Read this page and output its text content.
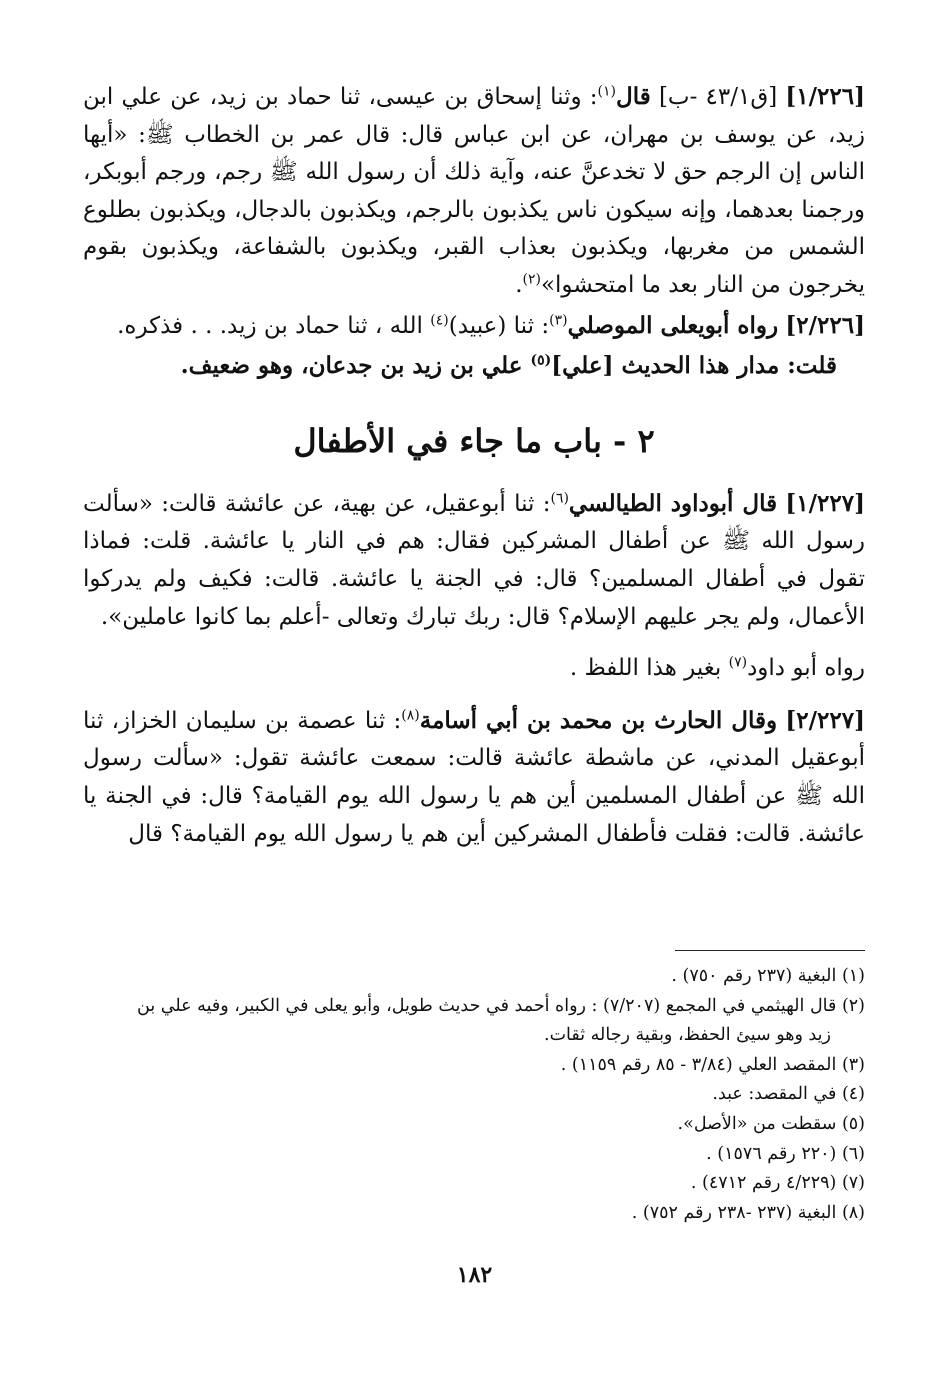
[١/٢٢٦] [ق٤٣/١ -ب] قال$^{(١)}$: وثنا إسحاق بن عيسى، ثنا حماد بن زيد، عن علي ابن زيد، عن يوسف بن مهران، عن ابن عباس قال: قال عمر بن الخطاب ﷺ: «أيها الناس إن الرجم حق لا تخدعنَّ عنه، وآية ذلك أن رسول الله ﷺ رجم، ورجم أبوبكر، ورجمنا بعدهما، وإنه سيكون ناس يكذبون بالرجم، ويكذبون بالدجال، ويكذبون بطلوع الشمس من مغربها، ويكذبون بعذاب القبر، ويكذبون بالشفاعة، ويكذبون بقوم يخرجون من النار بعد ما امتحشوا»$^{(٢)}$.

[٢/٢٢٦] رواه أبويعلى الموصلي$^{(٣)}$: ثنا (عبيد)$^{(٤)}$ الله ، ثنا حماد بن زيد. . . فذكره.

قلت: مدار هذا الحديث [علي]$^{(٥)}$ علي بن زيد بن جدعان، وهو ضعيف.

٢ - باب ما جاء في الأطفال

[١/٢٢٧] قال أبوداود الطيالسي$^{(٦)}$: ثنا أبوعقيل، عن بهية، عن عائشة قالت: «سألت رسول الله ﷺ عن أطفال المشركين فقال: هم في النار يا عائشة. قلت: فماذا تقول في أطفال المسلمين؟ قال: في الجنة يا عائشة. قالت: فكيف ولم يدركوا الأعمال، ولم يجر عليهم الإسلام؟ قال: ربك تبارك وتعالى -أعلم بما كانوا عاملين».

رواه أبو داود$^{(٧)}$ بغير هذا اللفظ .

[٢/٢٢٧] وقال الحارث بن محمد بن أبي أسامة$^{(٨)}$: ثنا عصمة بن سليمان الخزاز، ثنا أبوعقيل المدني، عن ماشطة عائشة قالت: سمعت عائشة تقول: «سألت رسول الله ﷺ عن أطفال المسلمين أين هم يا رسول الله يوم القيامة؟ قال: في الجنة يا عائشة. قالت: فقلت فأطفال المشركين أين هم يا رسول الله يوم القيامة؟ قال

(١) البغية (٢٣٧ رقم ٧٥٠) .

(٢) قال الهيثمي في المجمع (٧/٢٠٧) : رواه أحمد في حديث طويل، وأبو يعلى في الكبير، وفيه علي بن
زيد وهو سيئ الحفظ، وبقية رجاله ثقات.

(٣) المقصد العلي (٣/٨٤ - ٨٥ رقم ١١٥٩) .

(٤) في المقصد: عبد.

(٥) سقطت من «الأصل».

(٦) (٢٢٠ رقم ١٥٧٦) .

(٧) (٤/٢٢٩ رقم ٤٧١٢) .

(٨) البغية (٢٣٧ -٢٣٨ رقم ٧٥٢) .

١٨٢
